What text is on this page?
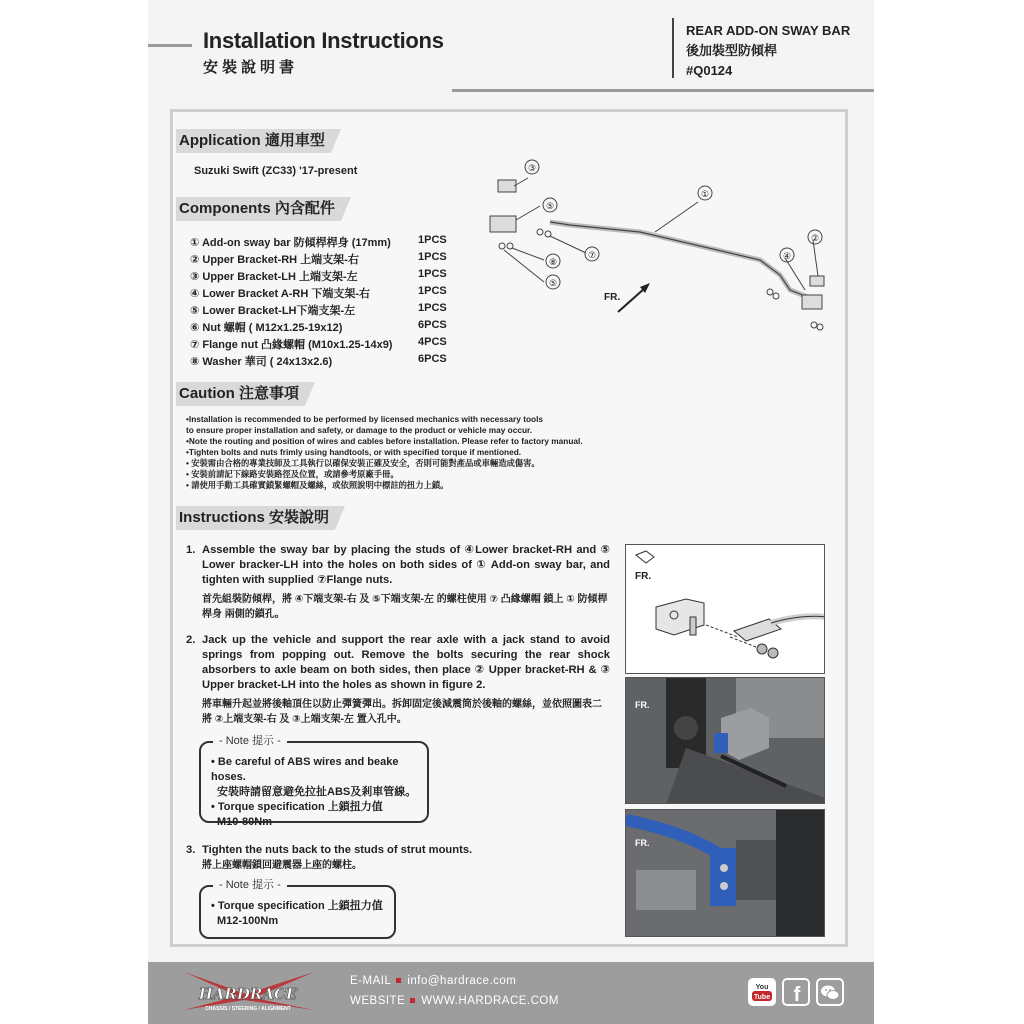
Installation Instructions
安裝說明書
REAR ADD-ON SWAY BAR
後加裝型防傾桿
#Q0124
Application 適用車型
Suzuki Swift (ZC33) '17-present
Components 內含配件
① Add-on sway bar 防傾桿桿身 (17mm) 1PCS
② Upper Bracket-RH 上端支架-右	1PCS
③ Upper Bracket-LH 上端支架-左	1PCS
④ Lower Bracket A-RH 下端支架-右	1PCS
⑤ Lower Bracket-LH下端支架-左	1PCS
⑥ Nut 螺帽 ( M12x1.25-19x12)	6PCS
⑦ Flange nut 凸緣螺帽 (M10x1.25-14x9) 4PCS
⑧ Washer 華司 ( 24x13x2.6)	6PCS
①
②
③
④
⑤
⑤
⑦
⑧
FR.
Caution 注意事項
•Installation is recommended to be performed by licensed mechanics with necessary tools
to ensure proper installation and safety, or damage to the product or vehicle may occur.
•Note the routing and position of wires and cables before installation. Please refer to factory manual.
•Tighten bolts and nuts frimly using handtools, or with specified torque if mentioned.
• 安裝需由合格的專業技師及工具執行以確保安裝正確及安全，否則可能對產品或車輛造成傷害。
• 安裝前請記下線路安裝路徑及位置，或請參考原廠手冊。
• 請使用手動工具確實鎖緊螺帽及螺絲，或依照說明中標註的扭力上鎖。
Instructions 安裝說明
1. Assemble the sway bar by placing the studs of ④Lower bracket-RH and ⑤ Lower bracker-LH into the holes on both sides of ① Add-on sway bar, and tighten with supplied ⑦Flange nuts.
首先組裝防傾桿，將 ④下端支架-右 及 ⑤下端支架-左 的螺柱使用 ⑦ 凸緣螺帽 鎖上 ① 防傾桿桿身 兩側的鎖孔。
2. Jack up the vehicle and support the rear axle with a jack stand to avoid springs from popping out. Remove the bolts securing the rear shock absorbers to axle beam on both sides, then place ② Upper bracket-RH & ③ Upper bracket-LH into the holes as shown in figure 2.
將車輛升起並將後軸頂住以防止彈簧彈出。拆卸固定後減震筒於後軸的螺絲，並依照圖表二將 ②上端支架-右 及 ③上端支架-左 置入孔中。
- Note 提示 -
• Be careful of ABS wires and beake hoses.
安裝時請留意避免拉扯ABS及剎車管線。
• Torque specification 上鎖扭力值
M10-80Nm
3. Tighten the nuts back to the studs of strut mounts.
將上座螺帽鎖回避震器上座的螺柱。
- Note 提示 -
• Torque specification 上鎖扭力值
M12-100Nm
FR.
FR.
FR.
HARDRACE
CHASSIS / STEERING / ALIGNMENT
E-MAIL info@hardrace.com
WEBSITE WWW.HARDRACE.COM
You
Tube f
